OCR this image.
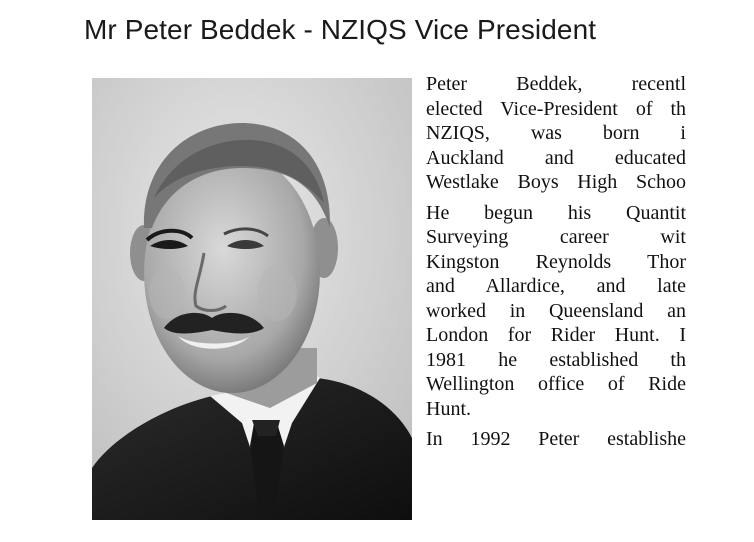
Mr Peter Beddek - NZIQS Vice President

Peter Beddek, recentl
elected Vice-President of th
NZIQS, was born i
Auckland and educated
Westlake Boys High Schoo

He begun his Quantit
Surveying career wit
Kingston Reynolds Thor
and Allardice, and late
worked in Queensland an
London for Rider Hunt. I
1981 he established th
Wellington office of Ride
Hunt.

In 1992 Peter establishe
